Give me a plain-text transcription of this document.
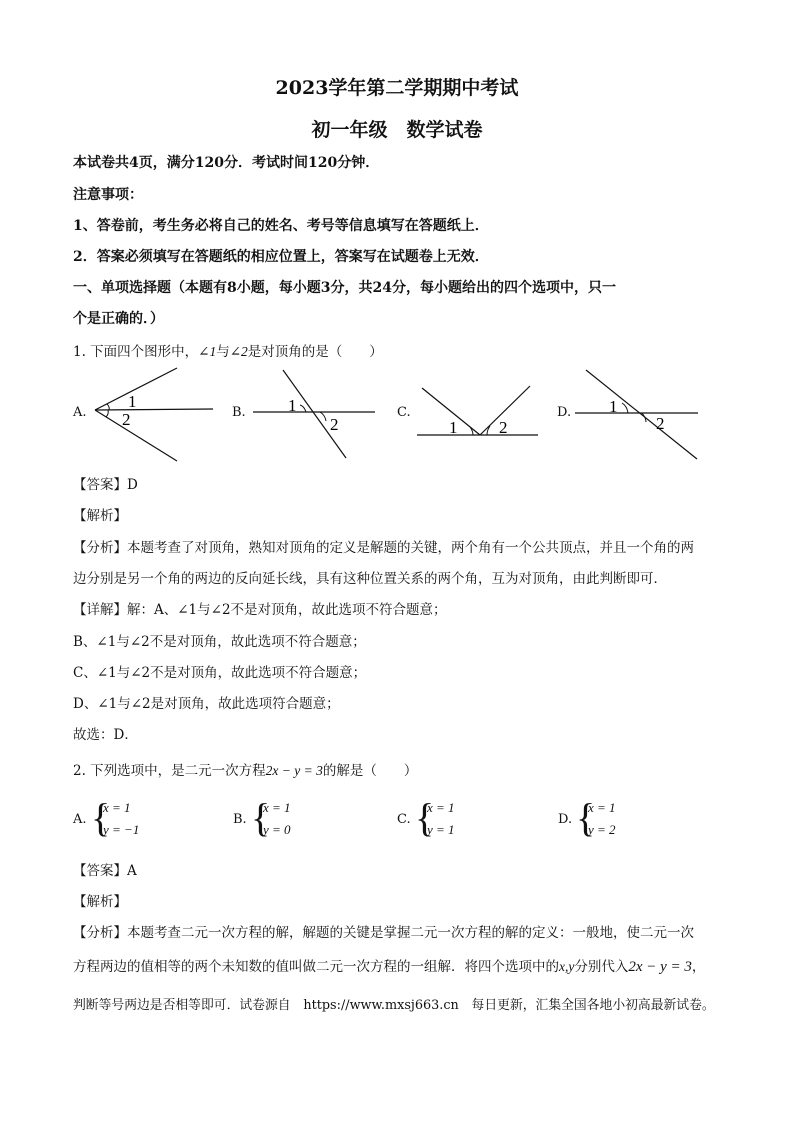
2023学年第二学期期中考试
初一年级　数学试卷
本试卷共4页，满分120分．考试时间120分钟．
注意事项：
1、答卷前，考生务必将自己的姓名、考号等信息填写在答题纸上．
2．答案必须填写在答题纸的相应位置上，答案写在试题卷上无效．
一、单项选择题（本题有8小题，每小题3分，共24分，每小题给出的四个选项中，只一
个是正确的．）
1. 下面四个图形中，∠1与∠2是对顶角的是（　　）
A.
1
2	B. 1
2
C.
1 2
D. 1
2
【答案】D
【解析】
【分析】本题考查了对顶角，熟知对顶角的定义是解题的关键，两个角有一个公共顶点，并且一个角的两
边分别是另一个角的两边的反向延长线，具有这种位置关系的两个角，互为对顶角，由此判断即可．
【详解】解：A、∠1与∠2不是对顶角，故此选项不符合题意；
B、∠1与∠2不是对顶角，故此选项不符合题意；
C、∠1与∠2不是对顶角，故此选项不符合题意；
D、∠1与∠2是对顶角，故此选项符合题意；
故选：D．
2. 下列选项中，是二元一次方程2x − y = 3的解是（　　）
A. {
x = 1
y = −1
B. {
x = 1
y = 0
C. {
x = 1
y = 1
D. {
x = 1
y = 2
【答案】A
【解析】
【分析】本题考查二元一次方程的解，解题的关键是掌握二元一次方程的解的定义：一般地，使二元一次
方程两边的值相等的两个未知数的值叫做二元一次方程的一组解．将四个选项中的x,y分别代入2x − y = 3，
判断等号两边是否相等即可．试卷源自　https://www.mxsj663.cn　每日更新，汇集全国各地小初高最新试卷。
